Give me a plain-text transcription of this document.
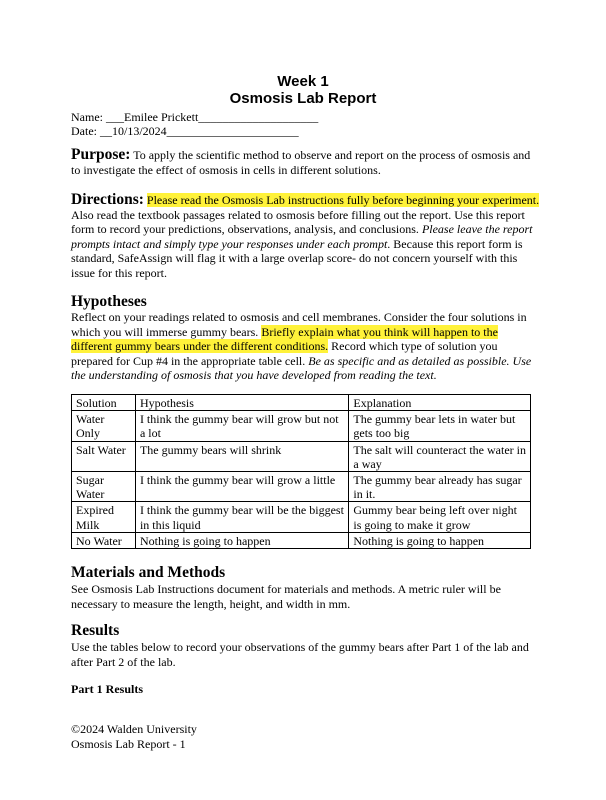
Week 1
Osmosis Lab Report
Name: ___Emilee Prickett____________________
Date: __10/13/2024______________________
Purpose: To apply the scientific method to observe and report on the process of osmosis and to investigate the effect of osmosis in cells in different solutions.
Directions: Please read the Osmosis Lab instructions fully before beginning your experiment. Also read the textbook passages related to osmosis before filling out the report. Use this report form to record your predictions, observations, analysis, and conclusions. Please leave the report prompts intact and simply type your responses under each prompt. Because this report form is standard, SafeAssign will flag it with a large overlap score- do not concern yourself with this issue for this report.
Hypotheses
Reflect on your readings related to osmosis and cell membranes. Consider the four solutions in which you will immerse gummy bears. Briefly explain what you think will happen to the different gummy bears under the different conditions. Record which type of solution you prepared for Cup #4 in the appropriate table cell. Be as specific and as detailed as possible. Use the understanding of osmosis that you have developed from reading the text.
Solution	Hypothesis	Explanation
Water Only	I think the gummy bear will grow but not a lot	The gummy bear lets in water but gets too big
Salt Water	The gummy bears will shrink	The salt will counteract the water in a way
Sugar Water	I think the gummy bear will grow a little	The gummy bear already has sugar in it.
Expired Milk	I think the gummy bear will be the biggest in this liquid	Gummy bear being left over night is going to make it grow
No Water	Nothing is going to happen	Nothing is going to happen
Materials and Methods
See Osmosis Lab Instructions document for materials and methods. A metric ruler will be necessary to measure the length, height, and width in mm.
Results
Use the tables below to record your observations of the gummy bears after Part 1 of the lab and after Part 2 of the lab.
Part 1 Results
©2024 Walden University
Osmosis Lab Report - 1
